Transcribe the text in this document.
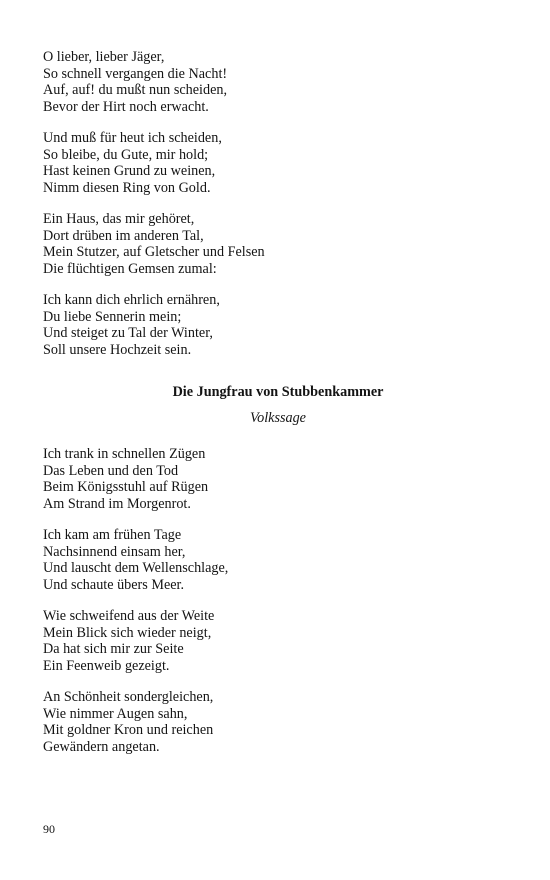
O lieber, lieber Jäger,
So schnell vergangen die Nacht!
Auf, auf! du mußt nun scheiden,
Bevor der Hirt noch erwacht.
Und muß für heut ich scheiden,
So bleibe, du Gute, mir hold;
Hast keinen Grund zu weinen,
Nimm diesen Ring von Gold.
Ein Haus, das mir gehöret,
Dort drüben im anderen Tal,
Mein Stutzer, auf Gletscher und Felsen
Die flüchtigen Gemsen zumal:
Ich kann dich ehrlich ernähren,
Du liebe Sennerin mein;
Und steiget zu Tal der Winter,
Soll unsere Hochzeit sein.
Die Jungfrau von Stubbenkammer
Volkssage
Ich trank in schnellen Zügen
Das Leben und den Tod
Beim Königsstuhl auf Rügen
Am Strand im Morgenrot.
Ich kam am frühen Tage
Nachsinnend einsam her,
Und lauscht dem Wellenschlage,
Und schaute übers Meer.
Wie schweifend aus der Weite
Mein Blick sich wieder neigt,
Da hat sich mir zur Seite
Ein Feenweib gezeigt.
An Schönheit sondergleichen,
Wie nimmer Augen sahn,
Mit goldner Kron und reichen
Gewändern angetan.
90
